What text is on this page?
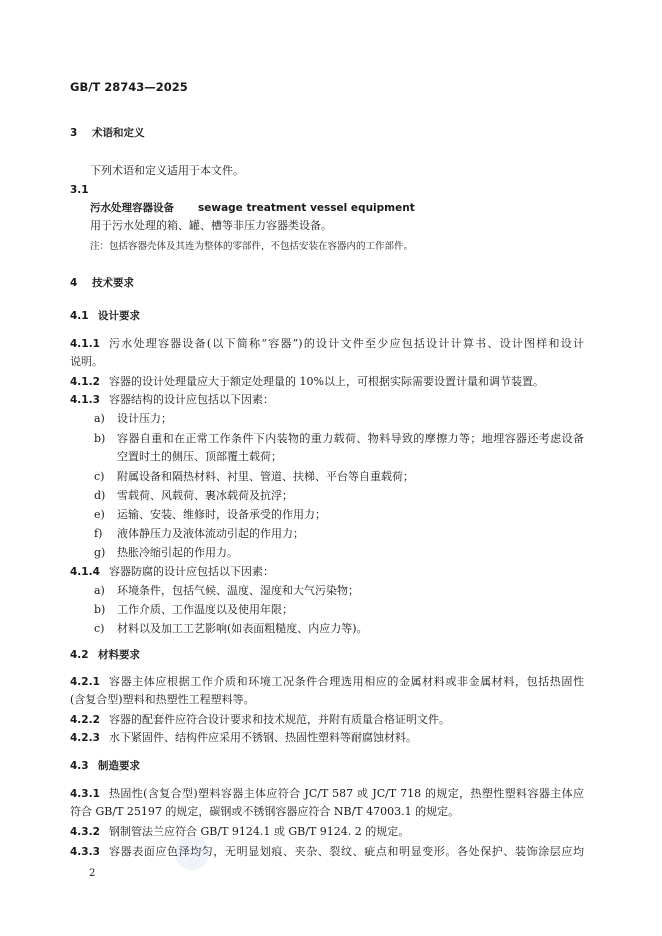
GB/T 28743—2025
3 术语和定义
下列术语和定义适用于本文件。
3.1
污水处理容器设备 sewage treatment vessel equipment
用于污水处理的箱、罐、槽等非压力容器类设备。
注：包括容器壳体及其连为整体的零部件，不包括安装在容器内的工作部件。
4 技术要求
4.1 设计要求
4.1.1 污水处理容器设备(以下简称“容器”)的设计文件至少应包括设计计算书、设计图样和设计
说明。
4.1.2 容器的设计处理量应大于额定处理量的 10%以上，可根据实际需要设置计量和调节装置。
4.1.3 容器结构的设计应包括以下因素：
a) 设计压力；
b) 容器自重和在正常工作条件下内装物的重力载荷、物料导致的摩擦力等；地埋容器还考虑设备
空置时土的侧压、顶部覆土载荷；
c) 附属设备和隔热材料、衬里、管道、扶梯、平台等自重载荷；
d) 雪载荷、风载荷、裹冰载荷及抗浮；
e) 运输、安装、维修时，设备承受的作用力；
f) 液体静压力及液体流动引起的作用力；
g) 热胀冷缩引起的作用力。
4.1.4 容器防腐的设计应包括以下因素：
a) 环境条件，包括气候、温度、湿度和大气污染物；
b) 工作介质、工作温度以及使用年限；
c) 材料以及加工工艺影响(如表面粗糙度、内应力等)。
4.2 材料要求
4.2.1 容器主体应根据工作介质和环境工况条件合理选用相应的金属材料或非金属材料，包括热固性
(含复合型)塑料和热塑性工程塑料等。
4.2.2 容器的配套件应符合设计要求和技术规范，并附有质量合格证明文件。
4.2.3 水下紧固件、结构件应采用不锈钢、热固性塑料等耐腐蚀材料。
4.3 制造要求
4.3.1 热固性(含复合型)塑料容器主体应符合 JC/T 587 或 JC/T 718 的规定，热塑性塑料容器主体应
符合 GB/T 25197 的规定，碳钢或不锈钢容器应符合 NB/T 47003.1 的规定。
4.3.2 钢制管法兰应符合 GB/T 9124.1 或 GB/T 9124. 2 的规定。
4.3.3 容器表面应色泽均匀，无明显划痕、夹杂、裂纹、疵点和明显变形。各处保护、装饰涂层应均
2
